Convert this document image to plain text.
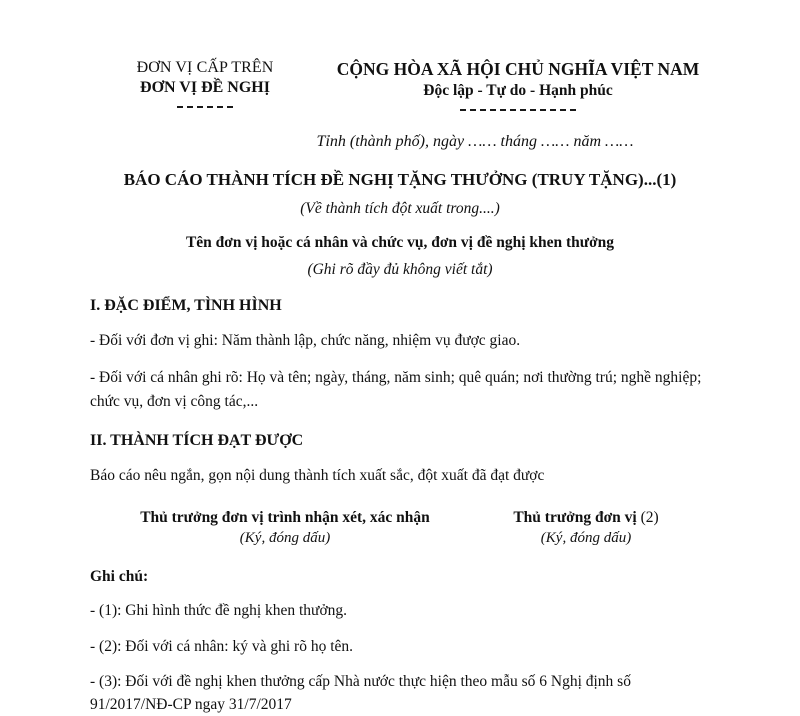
ĐƠN VỊ CẤP TRÊN
ĐƠN VỊ ĐỀ NGHỊ
CỘNG HÒA XÃ HỘI CHỦ NGHĨA VIỆT NAM
Độc lập - Tự do - Hạnh phúc
Tỉnh (thành phố), ngày …… tháng …… năm ……
BÁO CÁO THÀNH TÍCH ĐỀ NGHỊ TẶNG THƯỞNG (TRUY TẶNG)...(1)
(Về thành tích đột xuất trong....)
Tên đơn vị hoặc cá nhân và chức vụ, đơn vị đề nghị khen thưởng
(Ghi rõ đầy đủ không viết tắt)
I. ĐẶC ĐIỂM, TÌNH HÌNH
- Đối với đơn vị ghi: Năm thành lập, chức năng, nhiệm vụ được giao.
- Đối với cá nhân ghi rõ: Họ và tên; ngày, tháng, năm sinh; quê quán; nơi thường trú; nghề nghiệp; chức vụ, đơn vị công tác,...
II. THÀNH TÍCH ĐẠT ĐƯỢC
Báo cáo nêu ngắn, gọn nội dung thành tích xuất sắc, đột xuất đã đạt được
Thủ trưởng đơn vị trình nhận xét, xác nhận
(Ký, đóng dấu)
Thủ trưởng đơn vị (2)
(Ký, đóng dấu)
Ghi chú:
- (1): Ghi hình thức đề nghị khen thưởng.
- (2): Đối với cá nhân: ký và ghi rõ họ tên.
- (3): Đối với đề nghị khen thưởng cấp Nhà nước thực hiện theo mẫu số 6 Nghị định số 91/2017/NĐ-CP ngay 31/7/2017
